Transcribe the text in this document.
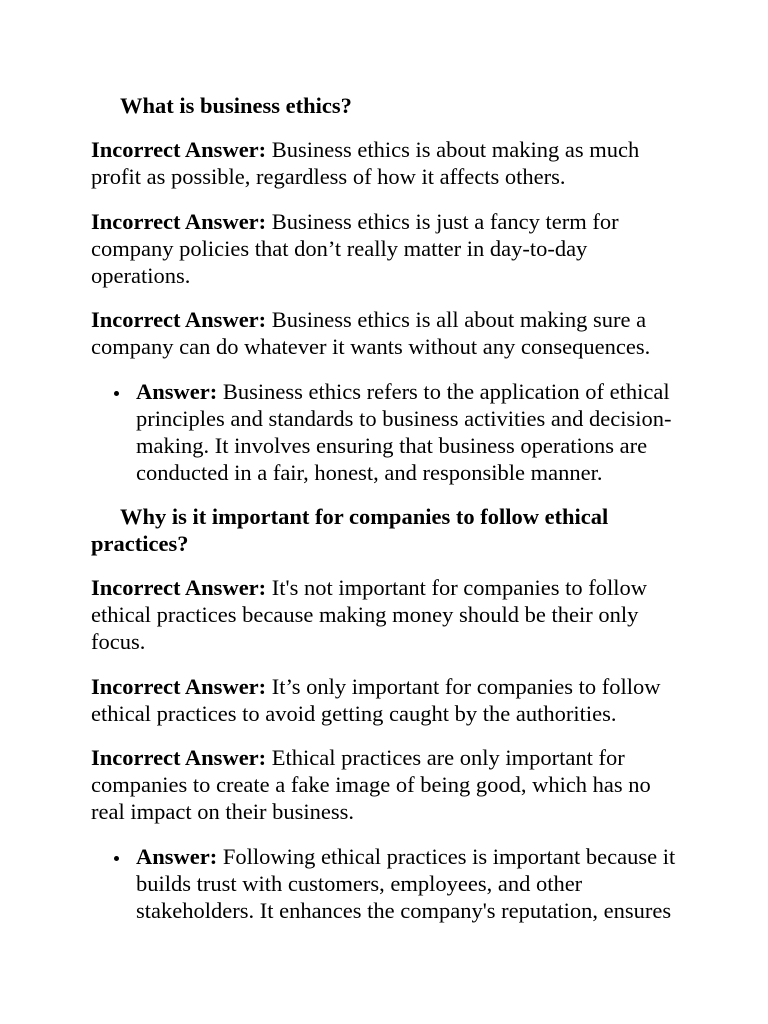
What is business ethics?

Incorrect Answer: Business ethics is about making as much profit as possible, regardless of how it affects others.

Incorrect Answer: Business ethics is just a fancy term for company policies that don’t really matter in day-to-day operations.

Incorrect Answer: Business ethics is all about making sure a company can do whatever it wants without any consequences.

Answer: Business ethics refers to the application of ethical principles and standards to business activities and decision-making. It involves ensuring that business operations are conducted in a fair, honest, and responsible manner.
Why is it important for companies to follow ethical practices?

Incorrect Answer: It's not important for companies to follow ethical practices because making money should be their only focus.

Incorrect Answer: It’s only important for companies to follow ethical practices to avoid getting caught by the authorities.

Incorrect Answer: Ethical practices are only important for companies to create a fake image of being good, which has no real impact on their business.

Answer: Following ethical practices is important because it builds trust with customers, employees, and other stakeholders. It enhances the company's reputation, ensures
